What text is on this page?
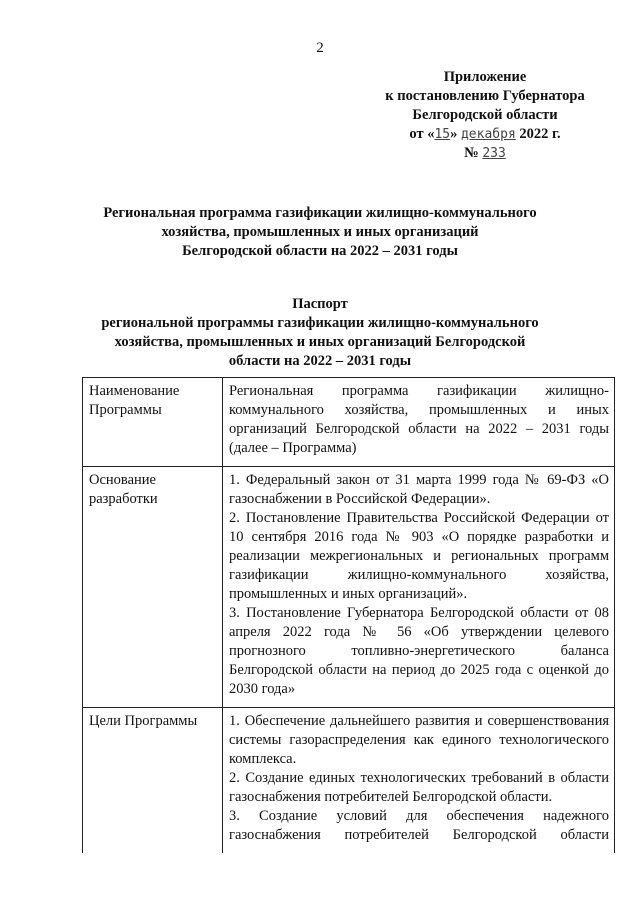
2
Приложение
к постановлению Губернатора
Белгородской области
от «15» декабря 2022 г.
№ 233
Региональная программа газификации жилищно-коммунального
хозяйства, промышленных и иных организаций
Белгородской области на 2022 – 2031 годы
Паспорт
региональной программы газификации жилищно-коммунального
хозяйства, промышленных и иных организаций Белгородской
области на 2022 – 2031 годы
Наименование Программы	Региональная программа газификации жилищно-коммунального хозяйства, промышленных и иных организаций Белгородской области на 2022 – 2031 годы (далее – Программа)

Основание разработки	1. Федеральный закон от 31 марта 1999 года № 69-ФЗ «О газоснабжении в Российской Федерации».

2. Постановление Правительства Российской Федерации от 10 сентября 2016 года № 903 «О порядке разработки и реализации межрегиональных и региональных программ газификации жилищно-коммунального хозяйства, промышленных и иных организаций».

3. Постановление Губернатора Белгородской области от 08 апреля 2022 года № 56 «Об утверждении целевого прогнозного топливно-энергетического баланса Белгородской области на период до 2025 года с оценкой до 2030 года»

Цели Программы	1. Обеспечение дальнейшего развития и совершенствования системы газораспределения как единого технологического комплекса.

2. Создание единых технологических требований в области газоснабжения потребителей Белгородской области.

3. Создание условий для обеспечения надежного газоснабжения потребителей Белгородской области
